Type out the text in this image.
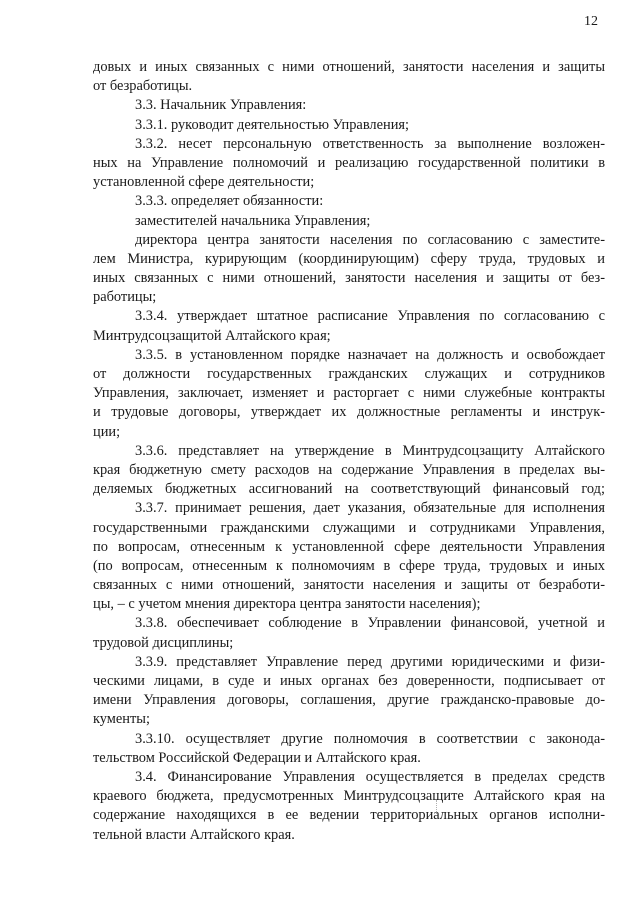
12
довых и иных связанных с ними отношений, занятости населения и защиты
от безработицы.
3.3. Начальник Управления:
3.3.1. руководит деятельностью Управления;
3.3.2. несет персональную ответственность за выполнение возложен-
ных на Управление полномочий и реализацию государственной политики в
установленной сфере деятельности;
3.3.3. определяет обязанности:
заместителей начальника Управления;
директора центра занятости населения по согласованию с заместите-
лем Министра, курирующим (координирующим) сферу труда, трудовых и
иных связанных с ними отношений, занятости населения и защиты от без-
работицы;
3.3.4. утверждает штатное расписание Управления по согласованию с
Минтрудсоцзащитой Алтайского края;
3.3.5. в установленном порядке назначает на должность и освобождает
от должности государственных гражданских служащих и сотрудников
Управления, заключает, изменяет и расторгает с ними служебные контракты
и трудовые договоры, утверждает их должностные регламенты и инструк-
ции;
3.3.6. представляет на утверждение в Минтрудсоцзащиту Алтайского
края бюджетную смету расходов на содержание Управления в пределах вы-
деляемых бюджетных ассигнований на соответствующий финансовый год;
3.3.7. принимает решения, дает указания, обязательные для исполнения
государственными гражданскими служащими и сотрудниками Управления,
по вопросам, отнесенным к установленной сфере деятельности Управления
(по вопросам, отнесенным к полномочиям в сфере труда, трудовых и иных
связанных с ними отношений, занятости населения и защиты от безработи-
цы, – с учетом мнения директора центра занятости населения);
3.3.8. обеспечивает соблюдение в Управлении финансовой, учетной и
трудовой дисциплины;
3.3.9. представляет Управление перед другими юридическими и физи-
ческими лицами, в суде и иных органах без доверенности, подписывает от
имени Управления договоры, соглашения, другие гражданско-правовые до-
кументы;
3.3.10. осуществляет другие полномочия в соответствии с законода-
тельством Российской Федерации и Алтайского края.
3.4. Финансирование Управления осуществляется в пределах средств
краевого бюджета, предусмотренных Минтрудсоцзащите Алтайского края на
содержание находящихся в ее ведении территориальных органов исполни-
тельной власти Алтайского края.
